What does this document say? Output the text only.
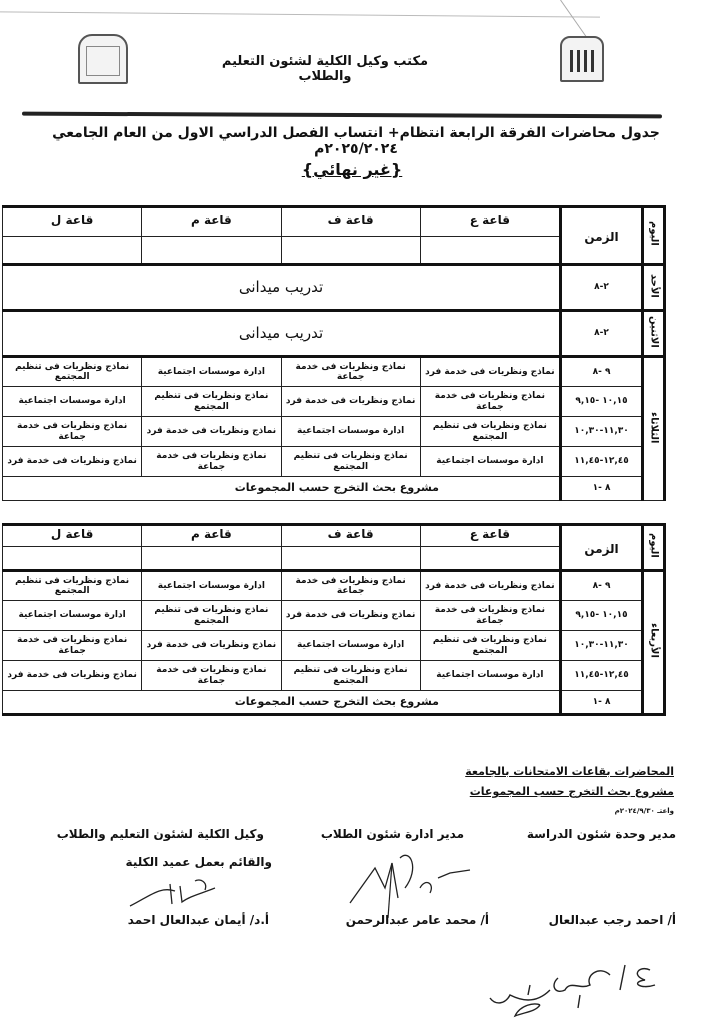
مكتب وكيل الكلية لشئون التعليم والطلاب
جدول محاضرات الفرقة الرابعة انتظام+ انتساب الفصل الدراسي الاول من العام الجامعي ٢٠٢٥/٢٠٢٤م
{غير نهائي}
اليوم	الزمن	قاعة ع	قاعة ف	قاعة م	قاعة ل

الأحد	٢-٨	تدريب ميدانى			
الاثنين	٢-٨	تدريب ميدانى			
الثلاثاء	٩ -٨	نماذج ونظريات فى خدمة فرد	نماذج ونظريات فى خدمة جماعة	ادارة موسسات اجتماعية	نماذج ونظريات فى تنظيم المجتمع
	١٠,١٥ -٩,١٥	نماذج ونظريات فى خدمة جماعة	نماذج ونظريات فى خدمة فرد	نماذج ونظريات فى تنظيم المجتمع	ادارة موسسات اجتماعية
	١١,٣٠-١٠,٣٠	نماذج ونظريات فى تنظيم المجتمع	ادارة موسسات اجتماعية	نماذج ونظريات فى خدمة فرد	نماذج ونظريات فى خدمة جماعة
	١٢,٤٥-١١,٤٥	ادارة موسسات اجتماعية	نماذج ونظريات فى تنظيم المجتمع	نماذج ونظريات فى خدمة جماعة	نماذج ونظريات فى خدمة فرد
	٨ -١	مشروع بحث التخرج حسب المجموعات			
اليوم	الزمن	قاعة ع	قاعة ف	قاعة م	قاعة ل

الأربعاء	٩ -٨	نماذج ونظريات فى خدمة فرد	نماذج ونظريات فى خدمة جماعة	ادارة موسسات اجتماعية	نماذج ونظريات فى تنظيم المجتمع
	١٠,١٥ -٩,١٥	نماذج ونظريات فى خدمة جماعة	نماذج ونظريات فى خدمة فرد	نماذج ونظريات فى تنظيم المجتمع	ادارة موسسات اجتماعية
	١١,٣٠-١٠,٣٠	نماذج ونظريات فى تنظيم المجتمع	ادارة موسسات اجتماعية	نماذج ونظريات فى خدمة فرد	نماذج ونظريات فى خدمة جماعة
	١٢,٤٥-١١,٤٥	ادارة موسسات اجتماعية	نماذج ونظريات فى تنظيم المجتمع	نماذج ونظريات فى خدمة جماعة	نماذج ونظريات فى خدمة فرد
	٨ -١	مشروع بحث التخرج حسب المجموعات			
المحاضرات بقاعات الامتحانات بالجامعة
مشروع بحث التخرج حسب المجموعات
واعتـ ٢٠٢٤/٩/٣٠م
مدير وحدة شئون الدراسة
مدير ادارة شئون الطلاب
وكيل الكلية لشئون التعليم والطلاب
والقائم بعمل عميد الكلية
أ/ احمد رجب عبدالعال
أ/ محمد عامر عبدالرحمن
أ.د/ أيمان عبدالعال احمد
